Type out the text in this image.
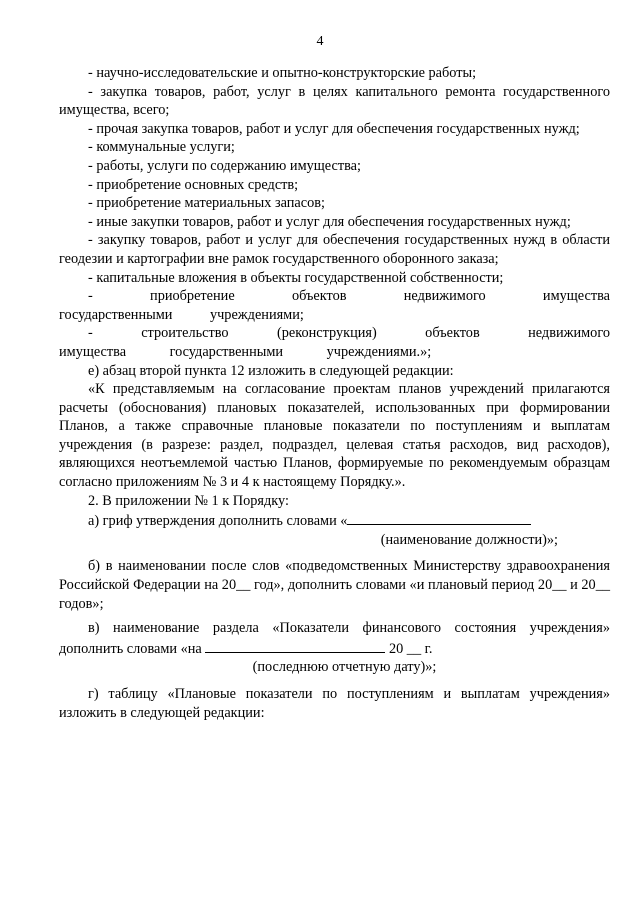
4

- научно-исследовательские и опытно-конструкторские работы;

- закупка товаров, работ, услуг в целях капитального ремонта государственного имущества, всего;

- прочая закупка товаров, работ и услуг для обеспечения государственных нужд;

- коммунальные услуги;

- работы, услуги по содержанию имущества;

- приобретение основных средств;

- приобретение материальных запасов;

- иные закупки товаров, работ и услуг для обеспечения государственных нужд;

- закупку товаров, работ и услуг для обеспечения государственных нужд в области геодезии и картографии вне рамок государственного оборонного заказа;

- капитальные вложения в объекты государственной собственности;

- приобретение объектов недвижимого имущества государственными учреждениями;

- строительство (реконструкция) объектов недвижимого имущества государственными учреждениями.»;

е) абзац второй пункта 12 изложить в следующей редакции:

«К представляемым на согласование проектам планов учреждений прилагаются расчеты (обоснования) плановых показателей, использованных при формировании Планов, а также справочные плановые показатели по поступлениям и выплатам учреждения (в разрезе: раздел, подраздел, целевая статья расходов, вид расходов), являющихся неотъемлемой частью Планов, формируемые по рекомендуемым образцам согласно приложениям № 3 и 4 к настоящему Порядку.».

2. В приложении № 1 к Порядку:

а) гриф утверждения дополнить словами «

(наименование должности)»;

б) в наименовании после слов «подведомственных Министерству здравоохранения Российской Федерации на 20__ год», дополнить словами «и плановый период 20__ и 20__ годов»;

в) наименование раздела «Показатели финансового состояния учреждения» дополнить словами «на	20 __ г.

(последнюю отчетную дату)»;

г) таблицу «Плановые показатели по поступлениям и выплатам учреждения» изложить в следующей редакции:
